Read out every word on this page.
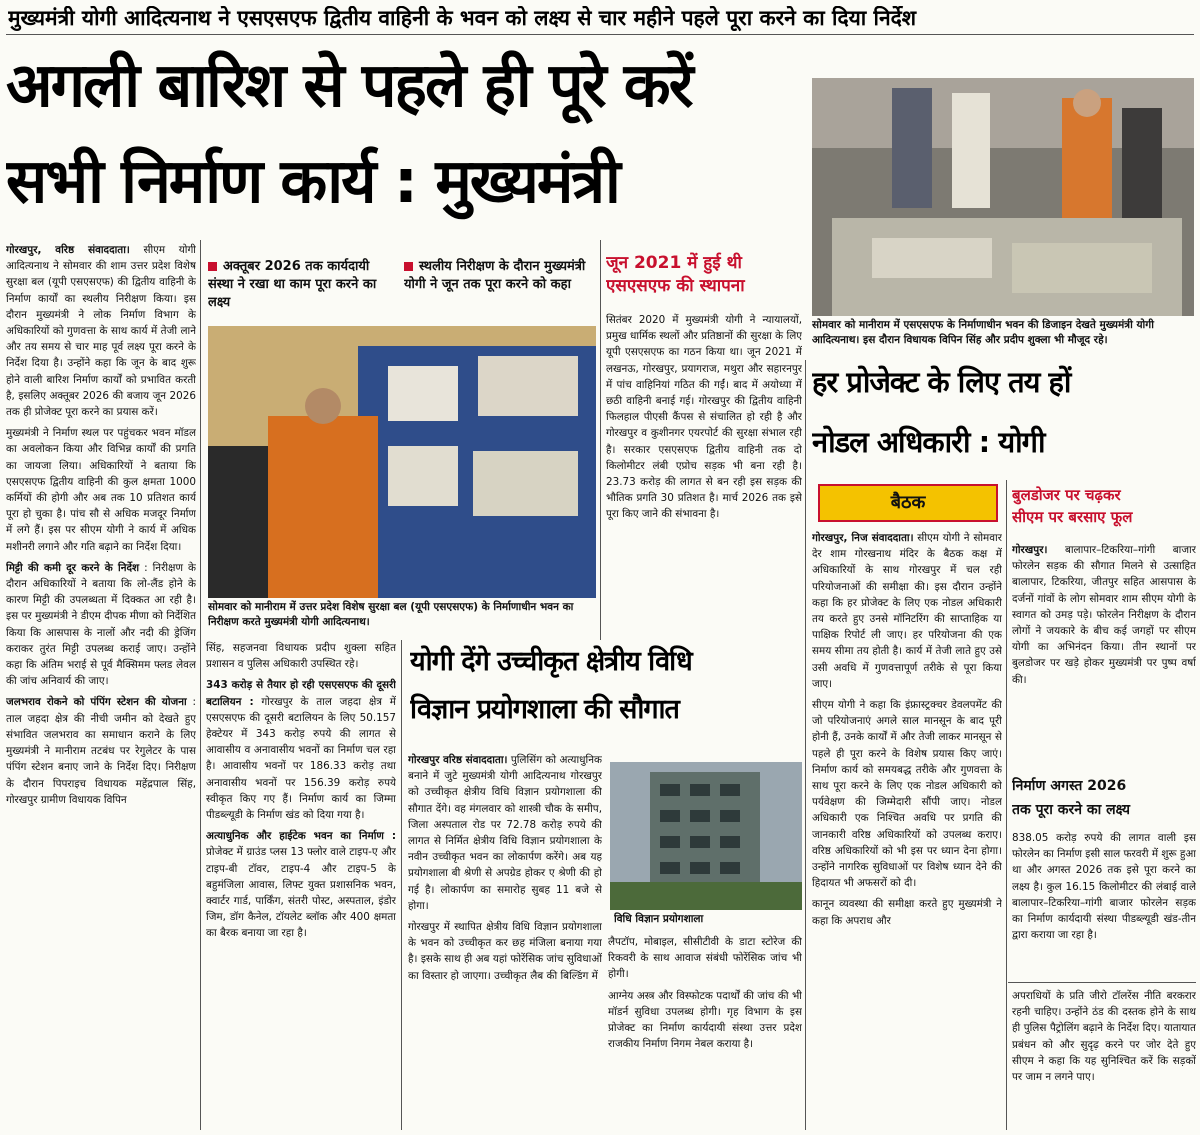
मुख्यमंत्री योगी आदित्यनाथ ने एसएसएफ द्वितीय वाहिनी के भवन को लक्ष्य से चार महीने पहले पूरा करने का दिया निर्देश
अगली बारिश से पहले ही पूरे करें
सभी निर्माण कार्य : मुख्यमंत्री
सोमवार को मानीराम में एसएसएफ के निर्माणाधीन भवन की डिजाइन देखते मुख्यमंत्री योगी आदित्यनाथ। इस दौरान विधायक विपिन सिंह और प्रदीप शुक्ला भी मौजूद रहे।

गोरखपुर, वरिष्ठ संवाददाता। सीएम योगी आदित्यनाथ ने सोमवार की शाम उत्तर प्रदेश विशेष सुरक्षा बल (यूपी एसएसएफ) की द्वितीय वाहिनी के निर्माण कार्यों का स्थलीय निरीक्षण किया। इस दौरान मुख्यमंत्री ने लोक निर्माण विभाग के अधिकारियों को गुणवत्ता के साथ कार्य में तेजी लाने और तय समय से चार माह पूर्व लक्ष्य पूरा करने के निर्देश दिया है। उन्होंने कहा कि जून के बाद शुरू होने वाली बारिश निर्माण कार्यों को प्रभावित करती है, इसलिए अक्तूबर 2026 की बजाय जून 2026 तक ही प्रोजेक्ट पूरा करने का प्रयास करें।

मुख्यमंत्री ने निर्माण स्थल पर पहुंचकर भवन मॉडल का अवलोकन किया और विभिन्न कार्यों की प्रगति का जायजा लिया। अधिकारियों ने बताया कि एसएसएफ द्वितीय वाहिनी की कुल क्षमता 1000 कर्मियों की होगी और अब तक 10 प्रतिशत कार्य पूरा हो चुका है। पांच सौ से अधिक मजदूर निर्माण में लगे हैं। इस पर सीएम योगी ने कार्य में अधिक मशीनरी लगाने और गति बढ़ाने का निर्देश दिया।

मिट्टी की कमी दूर करने के निर्देश : निरीक्षण के दौरान अधिकारियों ने बताया कि लो-लैंड होने के कारण मिट्टी की उपलब्धता में दिक्कत आ रही है। इस पर मुख्यमंत्री ने डीएम दीपक मीणा को निर्देशित किया कि आसपास के नालों और नदी की ड्रेजिंग कराकर तुरंत मिट्टी उपलब्ध कराई जाए। उन्होंने कहा कि अंतिम भराई से पूर्व मैक्सिमम फ्लड लेवल की जांच अनिवार्य की जाए।

जलभराव रोकने को पंपिंग स्टेशन की योजना : ताल जहदा क्षेत्र की नीची जमीन को देखते हुए संभावित जलभराव का समाधान कराने के लिए मुख्यमंत्री ने मानीराम तटबंध पर रेगुलेटर के पास पंपिंग स्टेशन बनाए जाने के निर्देश दिए। निरीक्षण के दौरान पिपराइच विधायक महेंद्रपाल सिंह, गोरखपुर ग्रामीण विधायक विपिन

अक्तूबर 2026 तक कार्यदायी संस्था ने रखा था काम पूरा करने का लक्ष्य
स्थलीय निरीक्षण के दौरान मुख्यमंत्री योगी ने जून तक पूरा करने को कहा
सोमवार को मानीराम में उत्तर प्रदेश विशेष सुरक्षा बल (यूपी एसएसएफ) के निर्माणाधीन भवन का निरीक्षण करते मुख्यमंत्री योगी आदित्यनाथ।
जून 2021 में हुई थी
एसएसएफ की स्थापना
सितंबर 2020 में मुख्यमंत्री योगी ने न्यायालयों, प्रमुख धार्मिक स्थलों और प्रतिष्ठानों की सुरक्षा के लिए यूपी एसएसएफ का गठन किया था। जून 2021 में लखनऊ, गोरखपुर, प्रयागराज, मथुरा और सहारनपुर में पांच वाहिनियां गठित की गईं। बाद में अयोध्या में छठी वाहिनी बनाई गई। गोरखपुर की द्वितीय वाहिनी फिलहाल पीएसी कैंपस से संचालित हो रही है और गोरखपुर व कुशीनगर एयरपोर्ट की सुरक्षा संभाल रही है। सरकार एसएसएफ द्वितीय वाहिनी तक दो किलोमीटर लंबी एप्रोच सड़क भी बना रही है। 23.73 करोड़ की लागत से बन रही इस सड़क की भौतिक प्रगति 30 प्रतिशत है। मार्च 2026 तक इसे पूरा किए जाने की संभावना है।

सिंह, सहजनवा विधायक प्रदीप शुक्ला सहित प्रशासन व पुलिस अधिकारी उपस्थित रहे।

343 करोड़ से तैयार हो रही एसएसएफ की दूसरी बटालियन : गोरखपुर के ताल जहदा क्षेत्र में एसएसएफ की दूसरी बटालियन के लिए 50.157 हेक्टेयर में 343 करोड़ रुपये की लागत से आवासीय व अनावासीय भवनों का निर्माण चल रहा है। आवासीय भवनों पर 186.33 करोड़ तथा अनावासीय भवनों पर 156.39 करोड़ रुपये स्वीकृत किए गए हैं। निर्माण कार्य का जिम्मा पीडब्ल्यूडी के निर्माण खंड को दिया गया है।

अत्याधुनिक और हाईटेक भवन का निर्माण : प्रोजेक्ट में ग्राउंड प्लस 13 फ्लोर वाले टाइप-ए और टाइप-बी टॉवर, टाइप-4 और टाइप-5 के बहुमंजिला आवास, लिफ्ट युक्त प्रशासनिक भवन, क्वार्टर गार्ड, पार्किंग, संतरी पोस्ट, अस्पताल, इंडोर जिम, डॉग कैनेल, टॉयलेट ब्लॉक और 400 क्षमता का बैरक बनाया जा रहा है।

योगी देंगे उच्चीकृत क्षेत्रीय विधि
विज्ञान प्रयोगशाला की सौगात

गोरखपुर वरिष्ठ संवाददाता। पुलिसिंग को अत्याधुनिक बनाने में जुटे मुख्यमंत्री योगी आदित्यनाथ गोरखपुर को उच्चीकृत क्षेत्रीय विधि विज्ञान प्रयोगशाला की सौगात देंगे। वह मंगलवार को शास्त्री चौक के समीप, जिला अस्पताल रोड पर 72.78 करोड़ रुपये की लागत से निर्मित क्षेत्रीय विधि विज्ञान प्रयोगशाला के नवीन उच्चीकृत भवन का लोकार्पण करेंगे। अब यह प्रयोगशाला बी श्रेणी से अपग्रेड होकर ए श्रेणी की हो गई है। लोकार्पण का समारोह सुबह 11 बजे से होगा।

गोरखपुर में स्थापित क्षेत्रीय विधि विज्ञान प्रयोगशाला के भवन को उच्चीकृत कर छह मंजिला बनाया गया है। इसके साथ ही अब यहां फोरेंसिक जांच सुविधाओं का विस्तार हो जाएगा। उच्चीकृत लैब की बिल्डिंग में

विधि विज्ञान प्रयोगशाला

लैपटॉप, मोबाइल, सीसीटीवी के डाटा स्टोरेज की रिकवरी के साथ आवाज संबंधी फोरेंसिक जांच भी होगी।

आग्नेय अस्त्र और विस्फोटक पदार्थों की जांच की भी मॉडर्न सुविधा उपलब्ध होगी। गृह विभाग के इस प्रोजेक्ट का निर्माण कार्यदायी संस्था उत्तर प्रदेश राजकीय निर्माण निगम नेबल कराया है।

हर प्रोजेक्ट के लिए तय हों
नोडल अधिकारी : योगी
बैठक

गोरखपुर, निज संवाददाता। सीएम योगी ने सोमवार देर शाम गोरखनाथ मंदिर के बैठक कक्ष में अधिकारियों के साथ गोरखपुर में चल रही परियोजनाओं की समीक्षा की। इस दौरान उन्होंने कहा कि हर प्रोजेक्ट के लिए एक नोडल अधिकारी तय करते हुए उनसे मॉनिटरिंग की साप्ताहिक या पाक्षिक रिपोर्ट ली जाए। हर परियोजना की एक समय सीमा तय होती है। कार्य में तेजी लाते हुए उसे उसी अवधि में गुणवत्तापूर्ण तरीके से पूरा किया जाए।

सीएम योगी ने कहा कि इंफ्रास्ट्रक्चर डेवलपमेंट की जो परियोजनाएं अगले साल मानसून के बाद पूरी होनी हैं, उनके कार्यों में और तेजी लाकर मानसून से पहले ही पूरा करने के विशेष प्रयास किए जाएं। निर्माण कार्य को समयबद्ध तरीके और गुणवत्ता के साथ पूरा करने के लिए एक नोडल अधिकारी को पर्यवेक्षण की जिम्मेदारी सौंपी जाए। नोडल अधिकारी एक निश्चित अवधि पर प्रगति की जानकारी वरिष्ठ अधिकारियों को उपलब्ध कराए। वरिष्ठ अधिकारियों को भी इस पर ध्यान देना होगा। उन्होंने नागरिक सुविधाओं पर विशेष ध्यान देने की हिदायत भी अफसरों को दी।

कानून व्यवस्था की समीक्षा करते हुए मुख्यमंत्री ने कहा कि अपराध और

बुलडोजर पर चढ़कर
सीएम पर बरसाए फूल

गोरखपुर। बालापार–टिकरिया–गांगी बाजार फोरलेन सड़क की सौगात मिलने से उत्साहित बालापार, टिकरिया, जीतपुर सहित आसपास के दर्जनों गांवों के लोग सोमवार शाम सीएम योगी के स्वागत को उमड़ पड़े। फोरलेन निरीक्षण के दौरान लोगों ने जयकारे के बीच कई जगहों पर सीएम योगी का अभिनंदन किया। तीन स्थानों पर बुलडोजर पर खड़े होकर मुख्यमंत्री पर पुष्प वर्षा की।

निर्माण अगस्त 2026
तक पूरा करने का लक्ष्य
838.05 करोड़ रुपये की लागत वाली इस फोरलेन का निर्माण इसी साल फरवरी में शुरू हुआ था और अगस्त 2026 तक इसे पूरा करने का लक्ष्य है। कुल 16.15 किलोमीटर की लंबाई वाले बालापार–टिकरिया–गांगी बाजार फोरलेन सड़क का निर्माण कार्यदायी संस्था पीडब्ल्यूडी खंड-तीन द्वारा कराया जा रहा है।
अपराधियों के प्रति जीरो टॉलरेंस नीति बरकरार रहनी चाहिए। उन्होंने ठंड की दस्तक होने के साथ ही पुलिस पैट्रोलिंग बढ़ाने के निर्देश दिए। यातायात प्रबंधन को और सुदृढ़ करने पर जोर देते हुए सीएम ने कहा कि यह सुनिश्चित करें कि सड़कों पर जाम न लगने पाए।
